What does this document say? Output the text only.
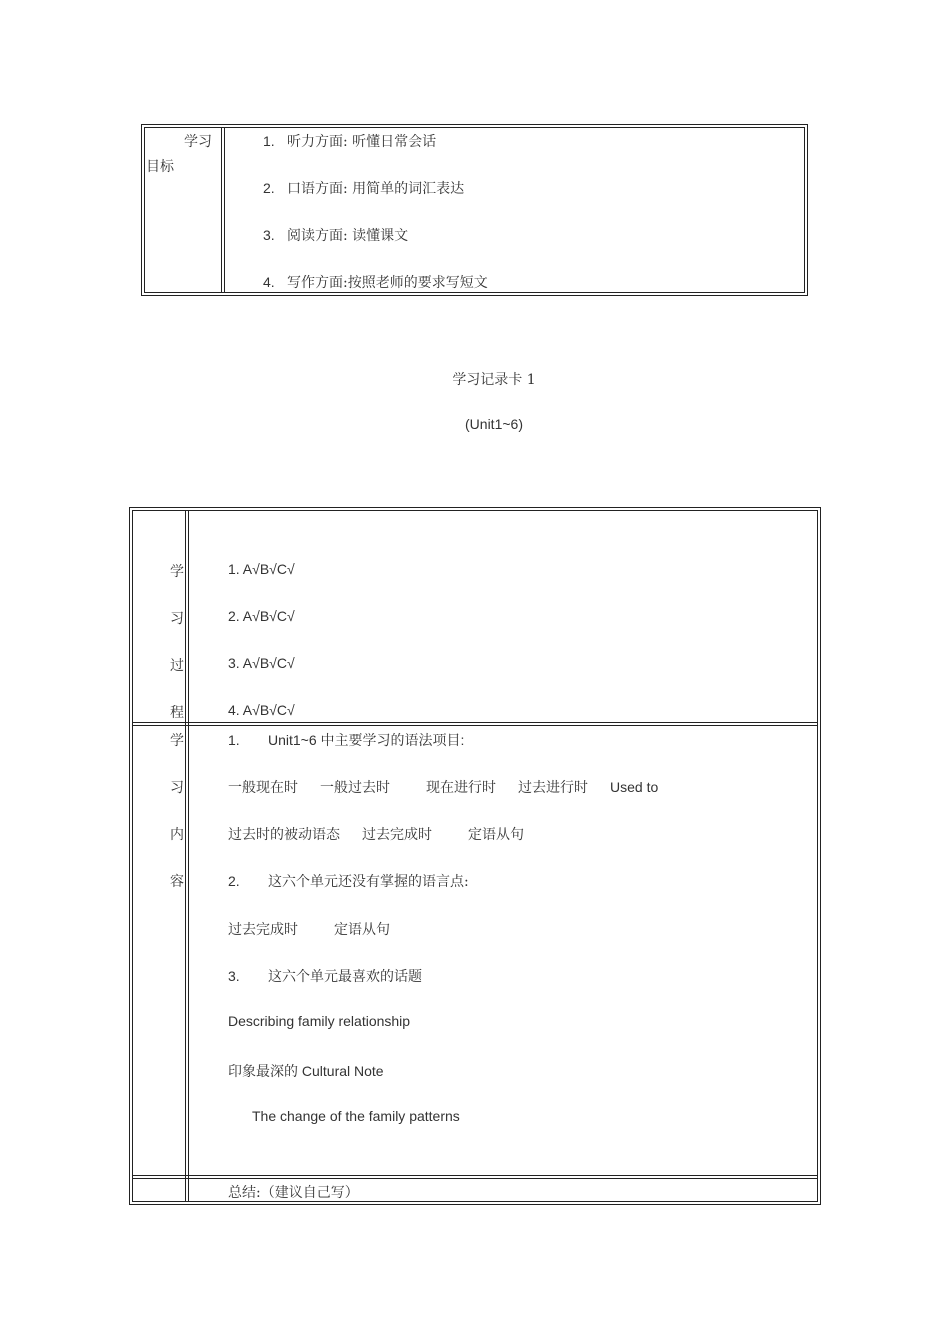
学习
目标
1. 听力方面: 听懂日常会话
2. 口语方面: 用简单的词汇表达
3. 阅读方面: 读懂课文
4. 写作方面:按照老师的要求写短文
学习记录卡 1
(Unit1~6)
学
习
过
程
1. A√B√C√
2. A√B√C√
3. A√B√C√
4. A√B√C√
学
习
内
容
1. Unit1~6 中主要学习的语法项目:
一般现在时 一般过去时	现在进行时 过去进行时 Used to
过去时的被动语态 过去完成时	定语从句
2. 这六个单元还没有掌握的语言点:
过去完成时	定语从句
3. 这六个单元最喜欢的话题
Describing family relationship
印象最深的 Cultural Note
The change of the family patterns
总结:（建议自己写）
